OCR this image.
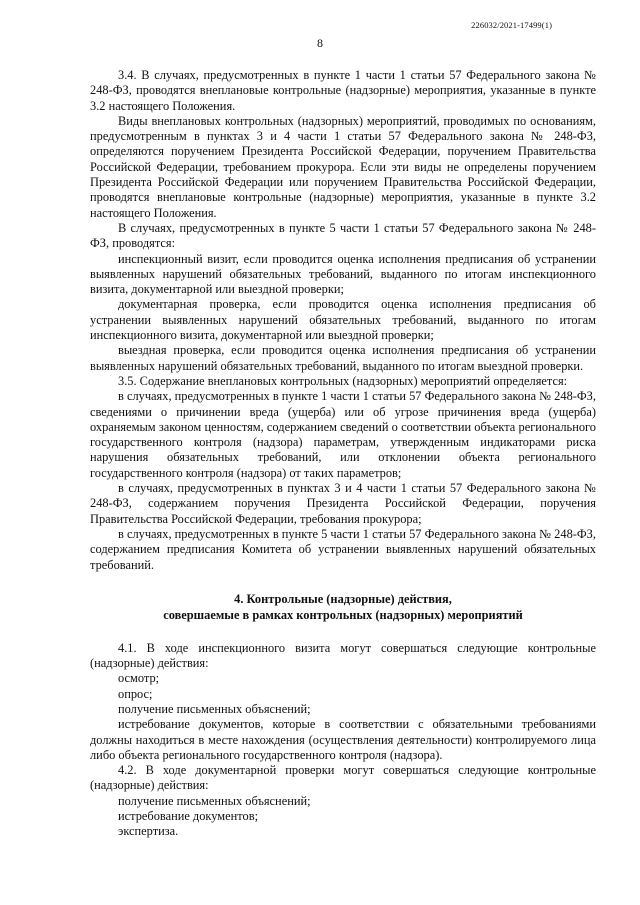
226032/2021-17499(1)
8

3.4. В случаях, предусмотренных в пункте 1 части 1 статьи 57 Федерального закона № 248-ФЗ, проводятся внеплановые контрольные (надзорные) мероприятия, указанные в пункте 3.2 настоящего Положения.

Виды внеплановых контрольных (надзорных) мероприятий, проводимых по основаниям, предусмотренным в пунктах 3 и 4 части 1 статьи 57 Федерального закона № 248-ФЗ, определяются поручением Президента Российской Федерации, поручением Правительства Российской Федерации, требованием прокурора. Если эти виды не определены поручением Президента Российской Федерации или поручением Правительства Российской Федерации, проводятся внеплановые контрольные (надзорные) мероприятия, указанные в пункте 3.2 настоящего Положения.

В случаях, предусмотренных в пункте 5 части 1 статьи 57 Федерального закона № 248-ФЗ, проводятся:

инспекционный визит, если проводится оценка исполнения предписания об устранении выявленных нарушений обязательных требований, выданного по итогам инспекционного визита, документарной или выездной проверки;

документарная проверка, если проводится оценка исполнения предписания об устранении выявленных нарушений обязательных требований, выданного по итогам инспекционного визита, документарной или выездной проверки;

выездная проверка, если проводится оценка исполнения предписания об устранении выявленных нарушений обязательных требований, выданного по итогам выездной проверки.

3.5. Содержание внеплановых контрольных (надзорных) мероприятий определяется:

в случаях, предусмотренных в пункте 1 части 1 статьи 57 Федерального закона № 248-ФЗ, сведениями о причинении вреда (ущерба) или об угрозе причинения вреда (ущерба) охраняемым законом ценностям, содержанием сведений о соответствии объекта регионального государственного контроля (надзора) параметрам, утвержденным индикаторами риска нарушения обязательных требований, или отклонении объекта регионального государственного контроля (надзора) от таких параметров;

в случаях, предусмотренных в пунктах 3 и 4 части 1 статьи 57 Федерального закона № 248-ФЗ, содержанием поручения Президента Российской Федерации, поручения Правительства Российской Федерации, требования прокурора;

в случаях, предусмотренных в пункте 5 части 1 статьи 57 Федерального закона № 248-ФЗ, содержанием предписания Комитета об устранении выявленных нарушений обязательных требований.

4. Контрольные (надзорные) действия,
совершаемые в рамках контрольных (надзорных) мероприятий

4.1. В ходе инспекционного визита могут совершаться следующие контрольные (надзорные) действия:

осмотр;

опрос;

получение письменных объяснений;

истребование документов, которые в соответствии с обязательными требованиями должны находиться в месте нахождения (осуществления деятельности) контролируемого лица либо объекта регионального государственного контроля (надзора).

4.2. В ходе документарной проверки могут совершаться следующие контрольные (надзорные) действия:

получение письменных объяснений;

истребование документов;

экспертиза.
